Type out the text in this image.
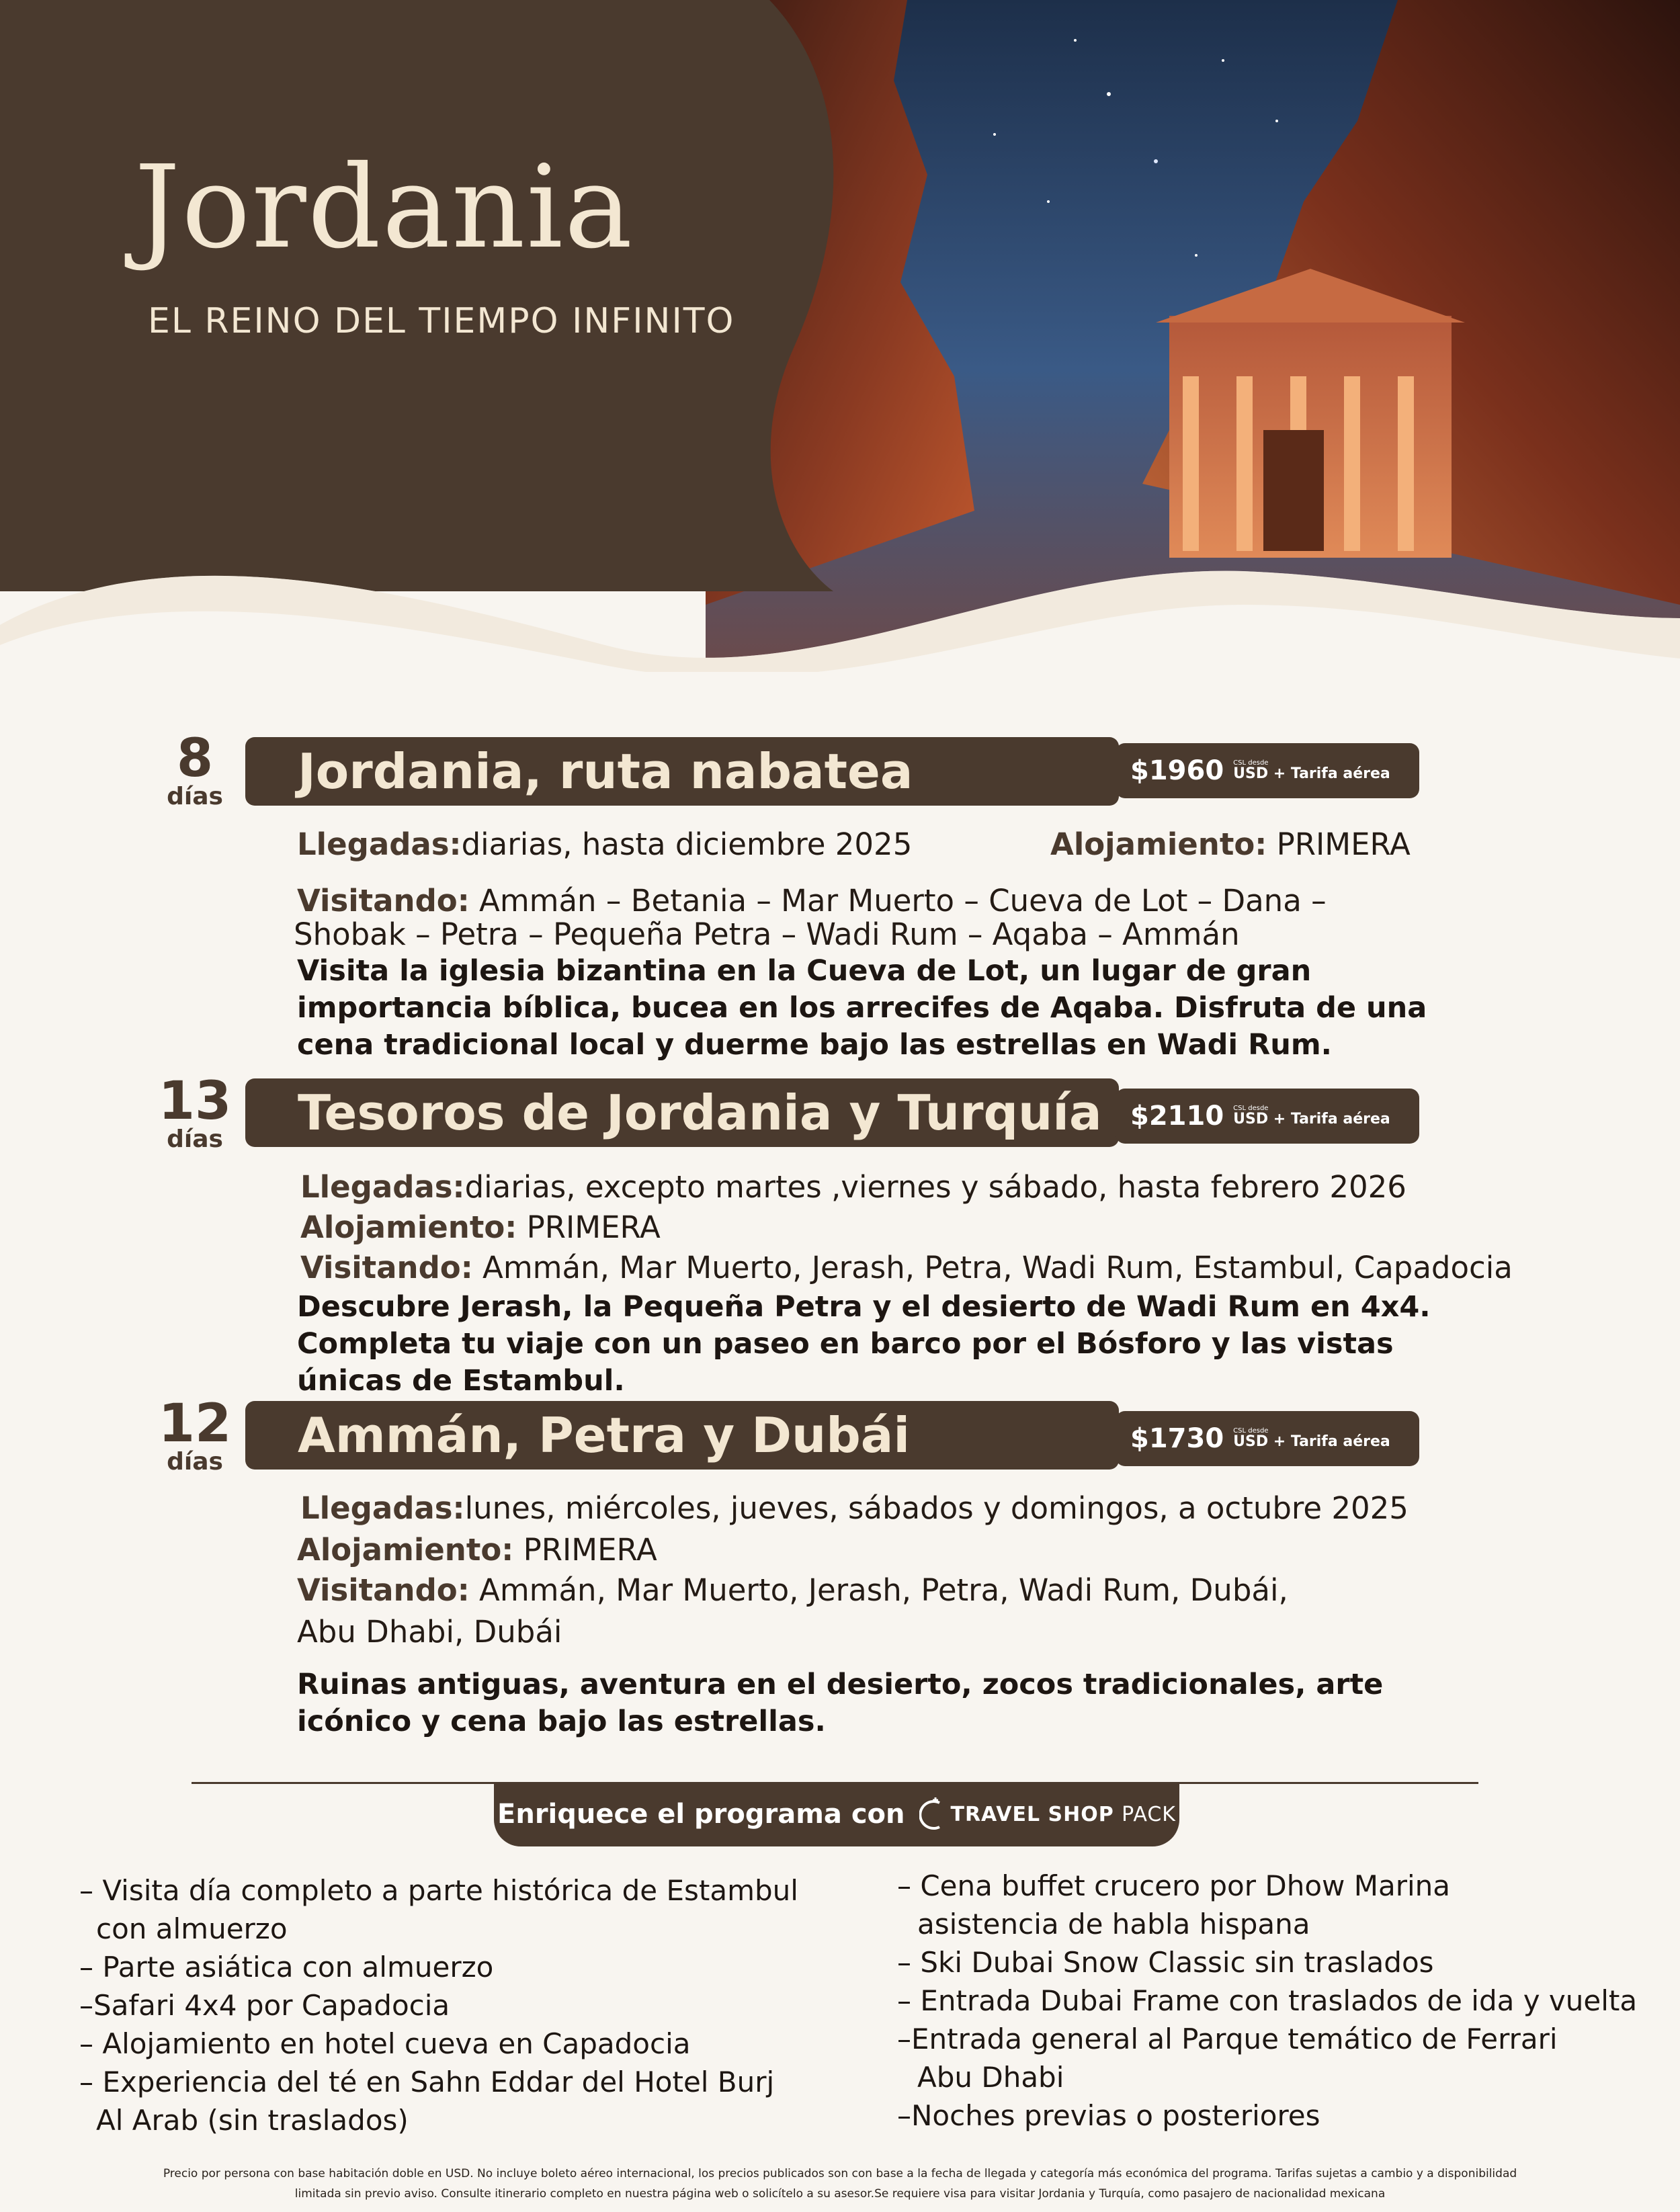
Jordania
EL REINO DEL TIEMPO INFINITO
8
días	Jordania, ruta nabatea	$1960 CSL desde
USD + Tarifa aérea
Llegadas:diarias, hasta diciembre 2025	Alojamiento: PRIMERA
Visitando: Ammán – Betania – Mar Muerto – Cueva de Lot – Dana –
Shobak – Petra – Pequeña Petra – Wadi Rum – Aqaba – Ammán
Visita la iglesia bizantina en la Cueva de Lot, un lugar de gran importancia bíblica, bucea en los arrecifes de Aqaba. Disfruta de una cena tradicional local y duerme bajo las estrellas en Wadi Rum.
13
días	Tesoros de Jordania y Turquía $2110 CSL desde
USD + Tarifa aérea
Llegadas:diarias, excepto martes ,viernes y sábado, hasta febrero 2026
Alojamiento: PRIMERA
Visitando: Ammán, Mar Muerto, Jerash, Petra, Wadi Rum, Estambul, Capadocia
Descubre Jerash, la Pequeña Petra y el desierto de Wadi Rum en 4x4. Completa tu viaje con un paseo en barco por el Bósforo y las vistas únicas de Estambul.
12
días	Ammán, Petra y Dubái	$1730 CSL desde
USD + Tarifa aérea
Llegadas:lunes, miércoles, jueves, sábados y domingos, a octubre 2025
Alojamiento: PRIMERA
Visitando: Ammán, Mar Muerto, Jerash, Petra, Wadi Rum, Dubái,
Abu Dhabi, Dubái
Ruinas antiguas, aventura en el desierto, zocos tradicionales, arte icónico y cena bajo las estrellas.
Enriquece el programa con TRAVEL SHOP PACK
– Visita día completo a parte histórica de Estambul
con almuerzo
– Parte asiática con almuerzo
–Safari 4x4 por Capadocia
– Alojamiento en hotel cueva en Capadocia
– Experiencia del té en Sahn Eddar del Hotel Burj
Al Arab (sin traslados)
– Cena buffet crucero por Dhow Marina
asistencia de habla hispana
– Ski Dubai Snow Classic sin traslados
– Entrada Dubai Frame con traslados de ida y vuelta
–Entrada general al Parque temático de Ferrari
Abu Dhabi
–Noches previas o posteriores
Precio por persona con base habitación doble en USD. No incluye boleto aéreo internacional, los precios publicados son con base a la fecha de llegada y categoría más económica del programa. Tarifas sujetas a cambio y a disponibilidad
limitada sin previo aviso. Consulte itinerario completo en nuestra página web o solicítelo a su asesor.Se requiere visa para visitar Jordania y Turquía, como pasajero de nacionalidad mexicana
